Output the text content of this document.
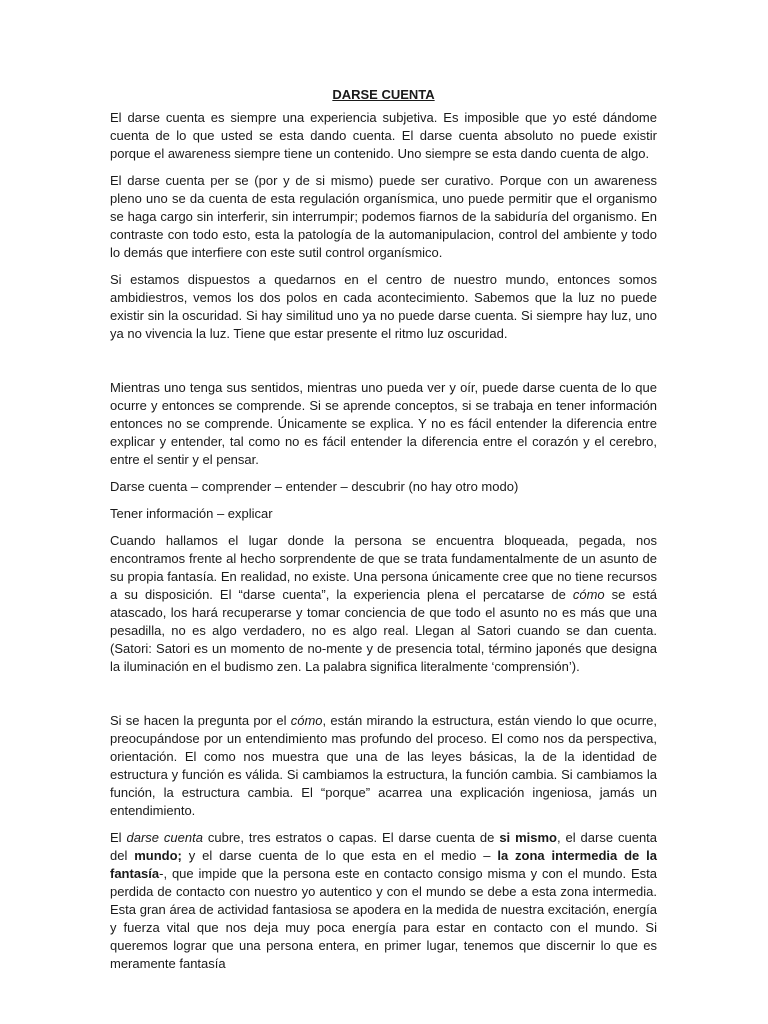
DARSE CUENTA

El darse cuenta es siempre una experiencia subjetiva. Es imposible que yo esté dándome cuenta de lo que usted se esta dando cuenta. El darse cuenta absoluto no puede existir porque el awareness siempre tiene un contenido. Uno siempre se esta dando cuenta de algo.

El darse cuenta per se (por y de si mismo) puede ser curativo. Porque con un awareness pleno uno se da cuenta de esta regulación organísmica, uno puede permitir que el organismo se haga cargo sin interferir, sin interrumpir; podemos fiarnos de la sabiduría del organismo. En contraste con todo esto, esta la patología de la automanipulacion, control del ambiente y todo lo demás que interfiere con este sutil control organísmico.

Si estamos dispuestos a quedarnos en el centro de nuestro mundo, entonces somos ambidiestros, vemos los dos polos en cada acontecimiento. Sabemos que la luz no puede existir sin la oscuridad. Si hay similitud uno ya no puede darse cuenta. Si siempre hay luz, uno ya no vivencia la luz. Tiene que estar presente el ritmo luz oscuridad.

Mientras uno tenga sus sentidos, mientras uno pueda ver y oír, puede darse cuenta de lo que ocurre y entonces se comprende. Si se aprende conceptos, si se trabaja en tener información entonces no se comprende. Únicamente se explica. Y no es fácil entender la diferencia entre explicar y entender, tal como no es fácil entender la diferencia entre el corazón y el cerebro, entre el sentir y el pensar.

Darse cuenta – comprender – entender – descubrir (no hay otro modo)

Tener información – explicar

Cuando hallamos el lugar donde la persona se encuentra bloqueada, pegada, nos encontramos frente al hecho sorprendente de que se trata fundamentalmente de un asunto de su propia fantasía. En realidad, no existe. Una persona únicamente cree que no tiene recursos a su disposición. El “darse cuenta”, la experiencia plena el percatarse de cómo se está atascado, los hará recuperarse y tomar conciencia de que todo el asunto no es más que una pesadilla, no es algo verdadero, no es algo real. Llegan al Satori cuando se dan cuenta. (Satori: Satori es un momento de no-mente y de presencia total, término japonés que designa la iluminación en el budismo zen. La palabra significa literalmente ‘comprensión’).

Si se hacen la pregunta por el cómo, están mirando la estructura, están viendo lo que ocurre, preocupándose por un entendimiento mas profundo del proceso. El como nos da perspectiva, orientación. El como nos muestra que una de las leyes básicas, la de la identidad de estructura y función es válida. Si cambiamos la estructura, la función cambia. Si cambiamos la función, la estructura cambia. El “porque” acarrea una explicación ingeniosa, jamás un entendimiento.

El darse cuenta cubre, tres estratos o capas. El darse cuenta de si mismo, el darse cuenta del mundo; y el darse cuenta de lo que esta en el medio – la zona intermedia de la fantasía-, que impide que la persona este en contacto consigo misma y con el mundo. Esta perdida de contacto con nuestro yo autentico y con el mundo se debe a esta zona intermedia. Esta gran área de actividad fantasiosa se apodera en la medida de nuestra excitación, energía y fuerza vital que nos deja muy poca energía para estar en contacto con el mundo. Si queremos lograr que una persona entera, en primer lugar, tenemos que discernir lo que es meramente fantasía
